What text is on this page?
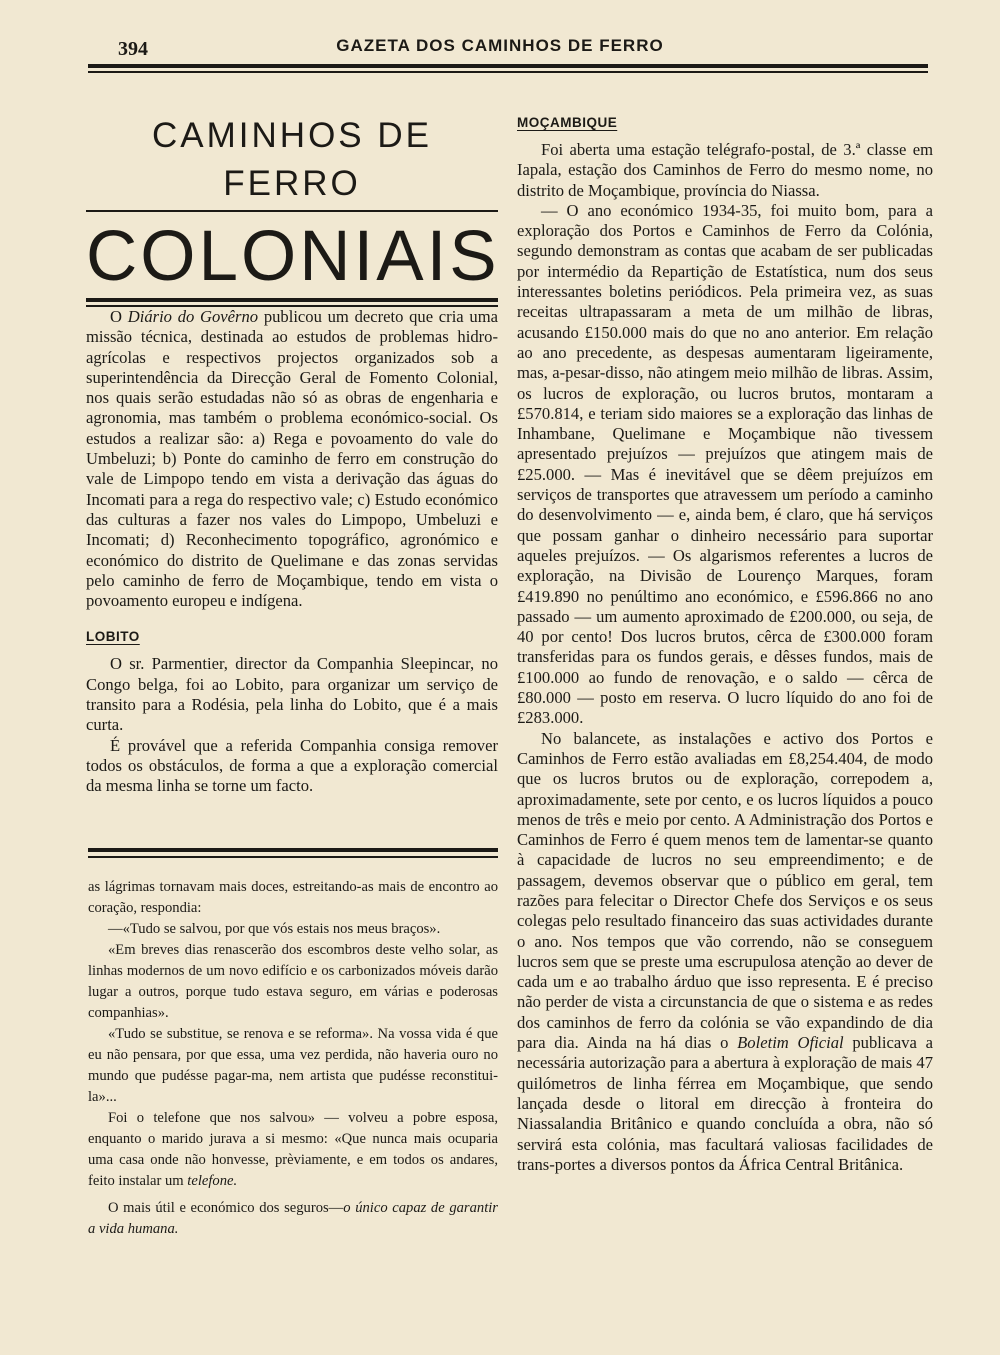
394	GAZETA DOS CAMINHOS DE FERRO
CAMINHOS DE FERRO
COLONIAIS

O Diário do Govêrno publicou um decreto que cria uma missão técnica, destinada ao estudos de problemas hidro-agrícolas e respectivos projectos organizados sob a superintendência da Direcção Geral de Fomento Colonial, nos quais serão estudadas não só as obras de engenharia e agronomia, mas também o problema económico-social. Os estudos a realizar são: a) Rega e povoamento do vale do Umbeluzi; b) Ponte do caminho de ferro em construção do vale de Limpopo tendo em vista a derivação das águas do Incomati para a rega do respectivo vale; c) Estudo económico das culturas a fazer nos vales do Limpopo, Umbeluzi e Incomati; d) Reconhecimento topográfico, agronómico e económico do distrito de Quelimane e das zonas servidas pelo caminho de ferro de Moçambique, tendo em vista o povoamento europeu e indígena.

LOBITO

O sr. Parmentier, director da Companhia Sleepincar, no Congo belga, foi ao Lobito, para organizar um serviço de transito para a Rodésia, pela linha do Lobito, que é a mais curta.

É provável que a referida Companhia consiga remover todos os obstáculos, de forma a que a exploração comercial da mesma linha se torne um facto.

as lágrimas tornavam mais doces, estreitando-as mais de encontro ao coração, respondia:

—«Tudo se salvou, por que vós estais nos meus braços».

«Em breves dias renascerão dos escombros deste velho solar, as linhas modernos de um novo edifício e os carbonizados móveis darão lugar a outros, porque tudo estava seguro, em várias e poderosas companhias».

«Tudo se substitue, se renova e se reforma». Na vossa vida é que eu não pensara, por que essa, uma vez perdida, não haveria ouro no mundo que pudésse pagar-ma, nem artista que pudésse reconstitui-la»...

Foi o telefone que nos salvou» — volveu a pobre esposa, enquanto o marido jurava a si mesmo: «Que nunca mais ocuparia uma casa onde não honvesse, prèviamente, e em todos os andares, feito instalar um telefone.

O mais útil e económico dos seguros—o único capaz de garantir a vida humana.

MOÇAMBIQUE

Foi aberta uma estação telégrafo-postal, de 3.ª classe em Iapala, estação dos Caminhos de Ferro do mesmo nome, no distrito de Moçambique, província do Niassa.

— O ano económico 1934-35, foi muito bom, para a exploração dos Portos e Caminhos de Ferro da Colónia, segundo demonstram as contas que acabam de ser publicadas por intermédio da Repartição de Estatística, num dos seus interessantes boletins periódicos. Pela primeira vez, as suas receitas ultrapassaram a meta de um milhão de libras, acusando £150.000 mais do que no ano anterior. Em relação ao ano precedente, as despesas aumentaram ligeiramente, mas, a-pesar-disso, não atingem meio milhão de libras. Assim, os lucros de exploração, ou lucros brutos, montaram a £570.814, e teriam sido maiores se a exploração das linhas de Inhambane, Quelimane e Moçambique não tivessem apresentado prejuízos — prejuízos que atingem mais de £25.000. — Mas é inevitável que se dêem prejuízos em serviços de transportes que atravessem um período a caminho do desenvolvimento — e, ainda bem, é claro, que há serviços que possam ganhar o dinheiro necessário para suportar aqueles prejuízos. — Os algarismos referentes a lucros de exploração, na Divisão de Lourenço Marques, foram £419.890 no penúltimo ano económico, e £596.866 no ano passado — um aumento aproximado de £200.000, ou seja, de 40 por cento! Dos lucros brutos, cêrca de £300.000 foram transferidas para os fundos gerais, e dêsses fundos, mais de £100.000 ao fundo de renovação, e o saldo — cêrca de £80.000 — posto em reserva. O lucro líquido do ano foi de £283.000.

No balancete, as instalações e activo dos Portos e Caminhos de Ferro estão avaliadas em £8,254.404, de modo que os lucros brutos ou de exploração, correpodem a, aproximadamente, sete por cento, e os lucros líquidos a pouco menos de três e meio por cento. A Administração dos Portos e Caminhos de Ferro é quem menos tem de lamentar-se quanto à capacidade de lucros no seu empreendimento; e de passagem, devemos observar que o público em geral, tem razões para felecitar o Director Chefe dos Serviços e os seus colegas pelo resultado financeiro das suas actividades durante o ano. Nos tempos que vão correndo, não se conseguem lucros sem que se preste uma escrupulosa atenção ao dever de cada um e ao trabalho árduo que isso representa. E é preciso não perder de vista a circunstancia de que o sistema e as redes dos caminhos de ferro da colónia se vão expandindo de dia para dia. Ainda na há dias o Boletim Oficial publicava a necessária autorização para a abertura à exploração de mais 47 quilómetros de linha férrea em Moçambique, que sendo lançada desde o litoral em direcção à fronteira do Niassalandia Britânico e quando concluída a obra, não só servirá esta colónia, mas facultará valiosas facilidades de trans-portes a diversos pontos da África Central Britânica.
